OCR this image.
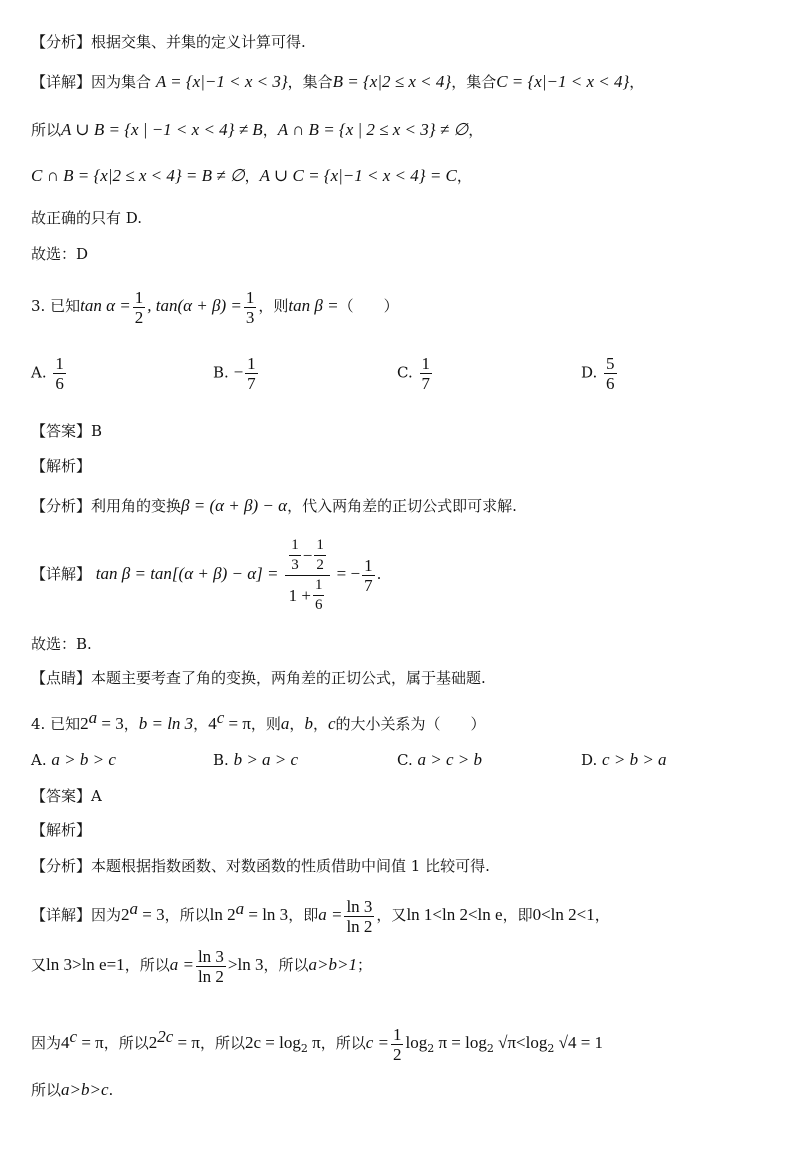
【分析】根据交集、并集的定义计算可得.
【详解】因为集合 A = {x|−1 < x < 3}，集合B = {x|2 ≤ x < 4}，集合C = {x|−1 < x < 4}，
所以A ∪ B = {x | −1 < x < 4} ≠ B，A ∩ B = {x | 2 ≤ x < 3} ≠ ∅，
C ∩ B = {x|2 ≤ x < 4} = B ≠ ∅，A ∪ C = {x|−1 < x < 4} = C，
故正确的只有 D.
故选：D
3. 已知$\tan \alpha = \frac{1}{2}$ , $\tan(\alpha + \beta) = \frac{1}{3}$ ，则tan β =（　　）
A. $\frac{1}{6}$	B. − $\frac{1}{7}$	C. $\frac{1}{7}$	D. $\frac{5}{6}$
【答案】B
【解析】
【分析】利用角的变换β = (α + β) − α，代入两角差的正切公式即可求解.
【详解】 $\tan \beta = \tan[(\alpha + \beta) - \alpha] = \frac{\frac{1}{3} - \frac{1}{2}}{1 + \frac{1}{6}}$ = − $\frac{1}{7}$ .
故选：B.
【点睛】本题主要考查了角的变换，两角差的正切公式，属于基础题.
4. 已知$2^a = 3$，b = ln 3，$4^c = \pi$，则a，b，c的大小关系为（　　）
A. a > b > c	B. b > a > c	C. a > c > b	D. c > b > a
【答案】A
【解析】
【分析】本题根据指数函数、对数函数的性质借助中间值 1 比较可得.
【详解】因为$2^a = 3$，所以$\ln 2^a = \ln 3$，即$a = \frac{\ln 3}{\ln 2}$ ，又ln 1<ln 2<ln e，即0<ln 2<1，
又ln 3>ln e=1，所以$a = \frac{\ln 3}{\ln 2} >\ln$ 3，所以a>b>1；
因为$4^c = \pi$，所以$2^{2c} = \pi$，所以$2c = \log_2 \pi$，所以$c = \frac{1}{2} \log_2 \pi = \log_2 √\pi<\log_2$ √4 = 1
所以a>b>c.
